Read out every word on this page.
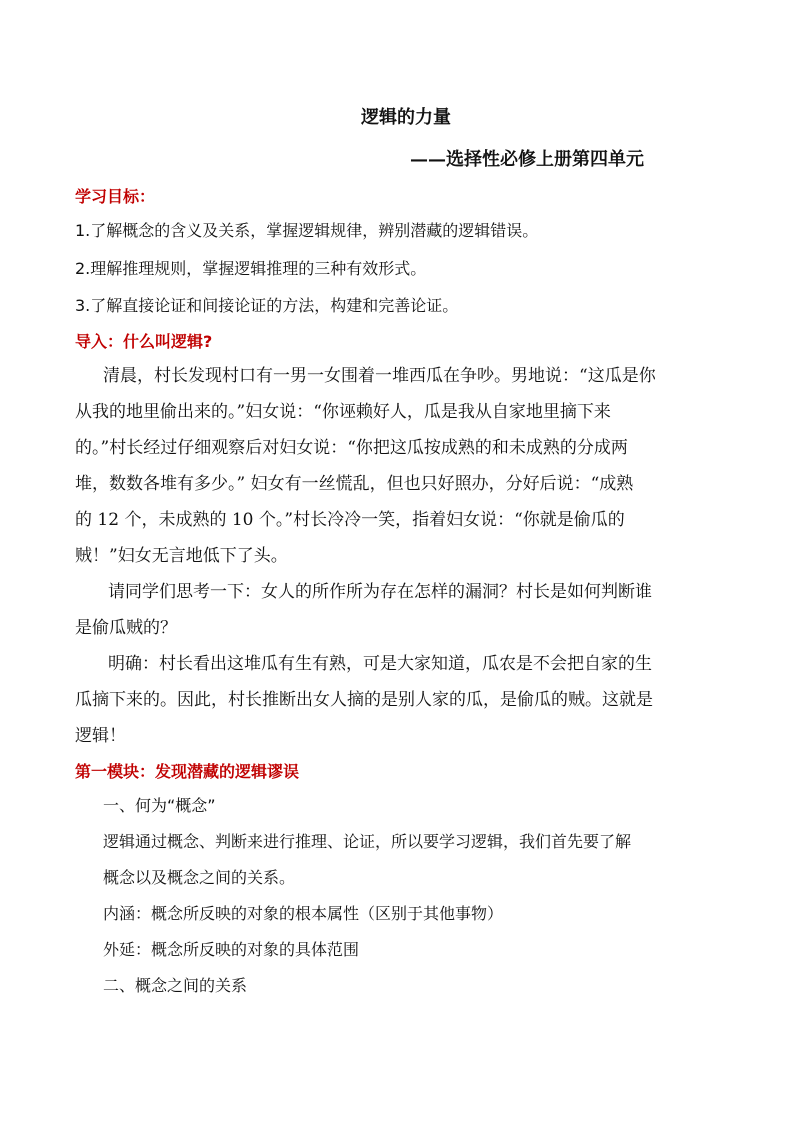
逻辑的力量
——选择性必修上册第四单元
学习目标：
1.了解概念的含义及关系，掌握逻辑规律，辨别潜藏的逻辑错误。
2.理解推理规则，掌握逻辑推理的三种有效形式。
3.了解直接论证和间接论证的方法，构建和完善论证。
导入：什么叫逻辑?
清晨，村长发现村口有一男一女围着一堆西瓜在争吵。男地说：“这瓜是你
从我的地里偷出来的。”妇女说：“你诬赖好人，瓜是我从自家地里摘下来
的。”村长经过仔细观察后对妇女说：“你把这瓜按成熟的和未成熟的分成两
堆，数数各堆有多少。” 妇女有一丝慌乱，但也只好照办，分好后说：“成熟
的 12 个，未成熟的 10 个。”村长冷冷一笑，指着妇女说：“你就是偷瓜的
贼！”妇女无言地低下了头。
请同学们思考一下：女人的所作所为存在怎样的漏洞？村长是如何判断谁
是偷瓜贼的？
明确：村长看出这堆瓜有生有熟，可是大家知道，瓜农是不会把自家的生
瓜摘下来的。因此，村长推断出女人摘的是别人家的瓜，是偷瓜的贼。这就是
逻辑！
第一模块：发现潜藏的逻辑谬误
一、何为“概念”
逻辑通过概念、判断来进行推理、论证，所以要学习逻辑，我们首先要了解
概念以及概念之间的关系。
内涵：概念所反映的对象的根本属性（区别于其他事物）
外延：概念所反映的对象的具体范围
二、概念之间的关系
